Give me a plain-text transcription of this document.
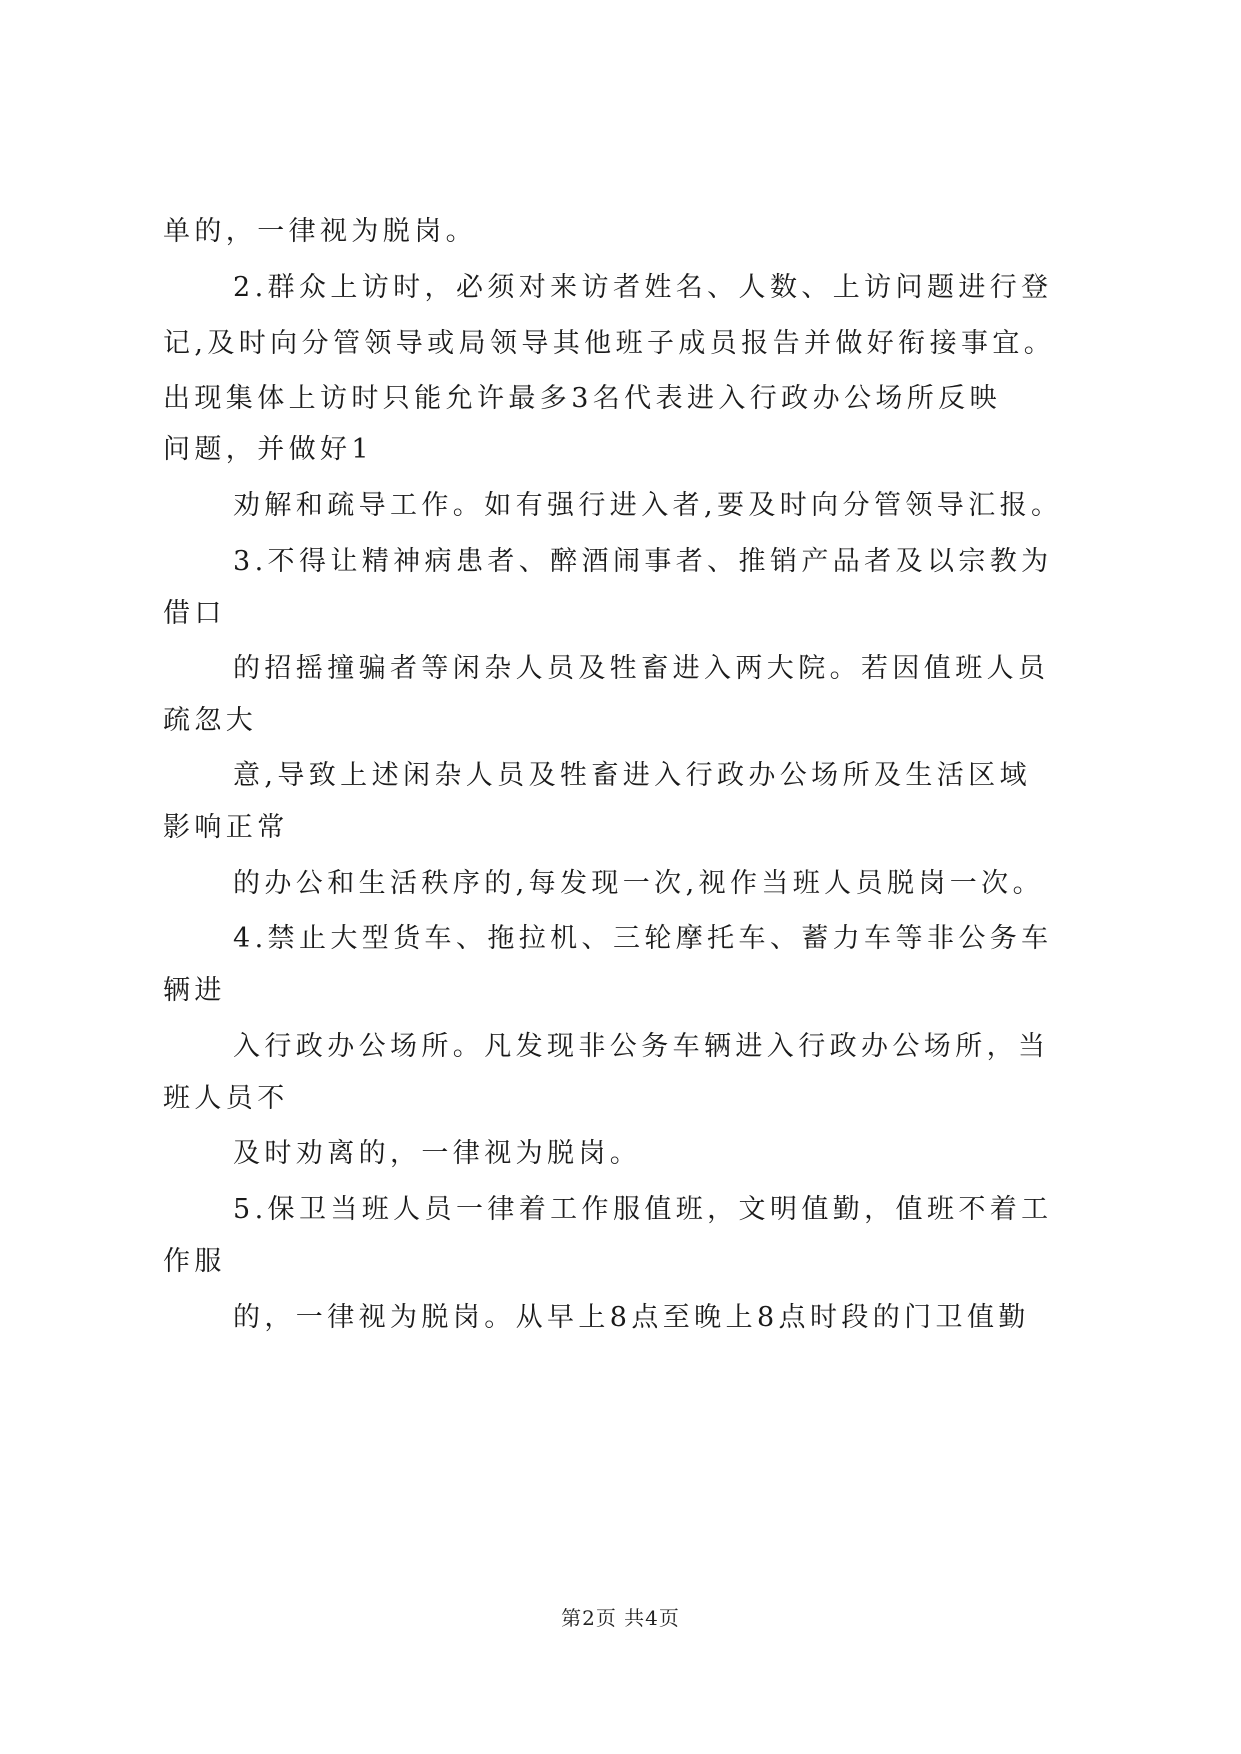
单的，一律视为脱岗。
2.群众上访时，必须对来访者姓名、人数、上访问题进行登
记,及时向分管领导或局领导其他班子成员报告并做好衔接事宜。
出现集体上访时只能允许最多3名代表进入行政办公场所反映
问题，并做好1
劝解和疏导工作。如有强行进入者,要及时向分管领导汇报。
3.不得让精神病患者、醉酒闹事者、推销产品者及以宗教为
借口
的招摇撞骗者等闲杂人员及牲畜进入两大院。若因值班人员
疏忽大
意,导致上述闲杂人员及牲畜进入行政办公场所及生活区域
影响正常
的办公和生活秩序的,每发现一次,视作当班人员脱岗一次。
4.禁止大型货车、拖拉机、三轮摩托车、蓄力车等非公务车
辆进
入行政办公场所。凡发现非公务车辆进入行政办公场所，当
班人员不
及时劝离的，一律视为脱岗。
5.保卫当班人员一律着工作服值班，文明值勤，值班不着工
作服
的，一律视为脱岗。从早上8点至晚上8点时段的门卫值勤
第2页 共4页
